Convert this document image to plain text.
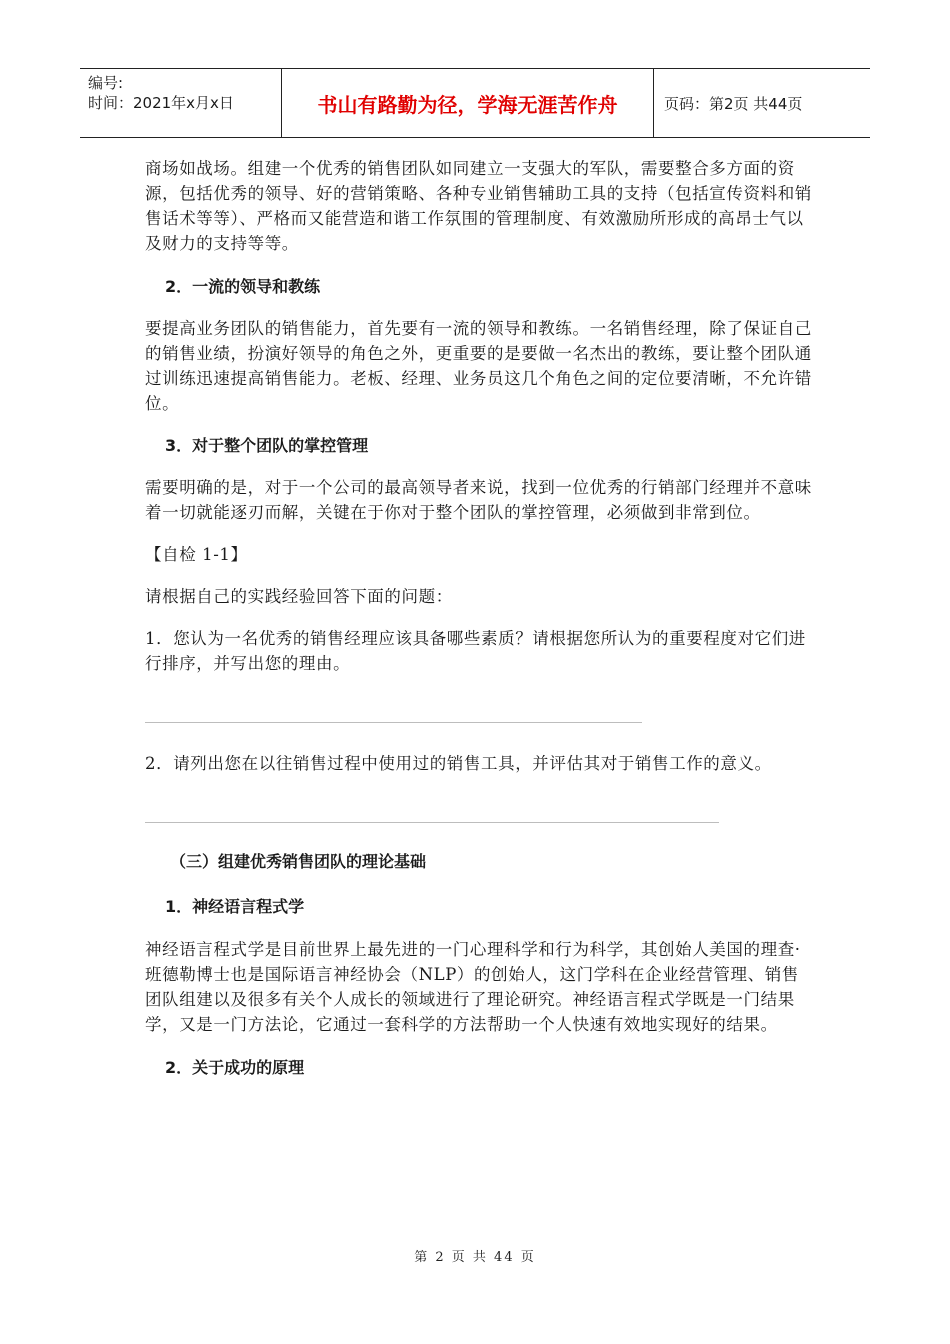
编号:
时间：2021年x月x日	书山有路勤为径，学海无涯苦作舟	页码：第2页 共44页

商场如战场。组建一个优秀的销售团队如同建立一支强大的军队，需要整合多方面的资源，包括优秀的领导、好的营销策略、各种专业销售辅助工具的支持（包括宣传资料和销售话术等等）、严格而又能营造和谐工作氛围的管理制度、有效激励所形成的高昂士气以及财力的支持等等。

2．一流的领导和教练

要提高业务团队的销售能力，首先要有一流的领导和教练。一名销售经理，除了保证自己的销售业绩，扮演好领导的角色之外，更重要的是要做一名杰出的教练，要让整个团队通过训练迅速提高销售能力。老板、经理、业务员这几个角色之间的定位要清晰，不允许错位。

3．对于整个团队的掌控管理

需要明确的是，对于一个公司的最高领导者来说，找到一位优秀的行销部门经理并不意味着一切就能逐刃而解，关键在于你对于整个团队的掌控管理，必须做到非常到位。

【自检 1-1】

请根据自己的实践经验回答下面的问题：

1．您认为一名优秀的销售经理应该具备哪些素质？请根据您所认为的重要程度对它们进行排序，并写出您的理由。

2．请列出您在以往销售过程中使用过的销售工具，并评估其对于销售工作的意义。

（三）组建优秀销售团队的理论基础

1．神经语言程式学

神经语言程式学是目前世界上最先进的一门心理科学和行为科学，其创始人美国的理查·班德勒博士也是国际语言神经协会（NLP）的创始人，这门学科在企业经营管理、销售团队组建以及很多有关个人成长的领域进行了理论研究。神经语言程式学既是一门结果学，又是一门方法论，它通过一套科学的方法帮助一个人快速有效地实现好的结果。

2．关于成功的原理

第 2 页 共 44 页
